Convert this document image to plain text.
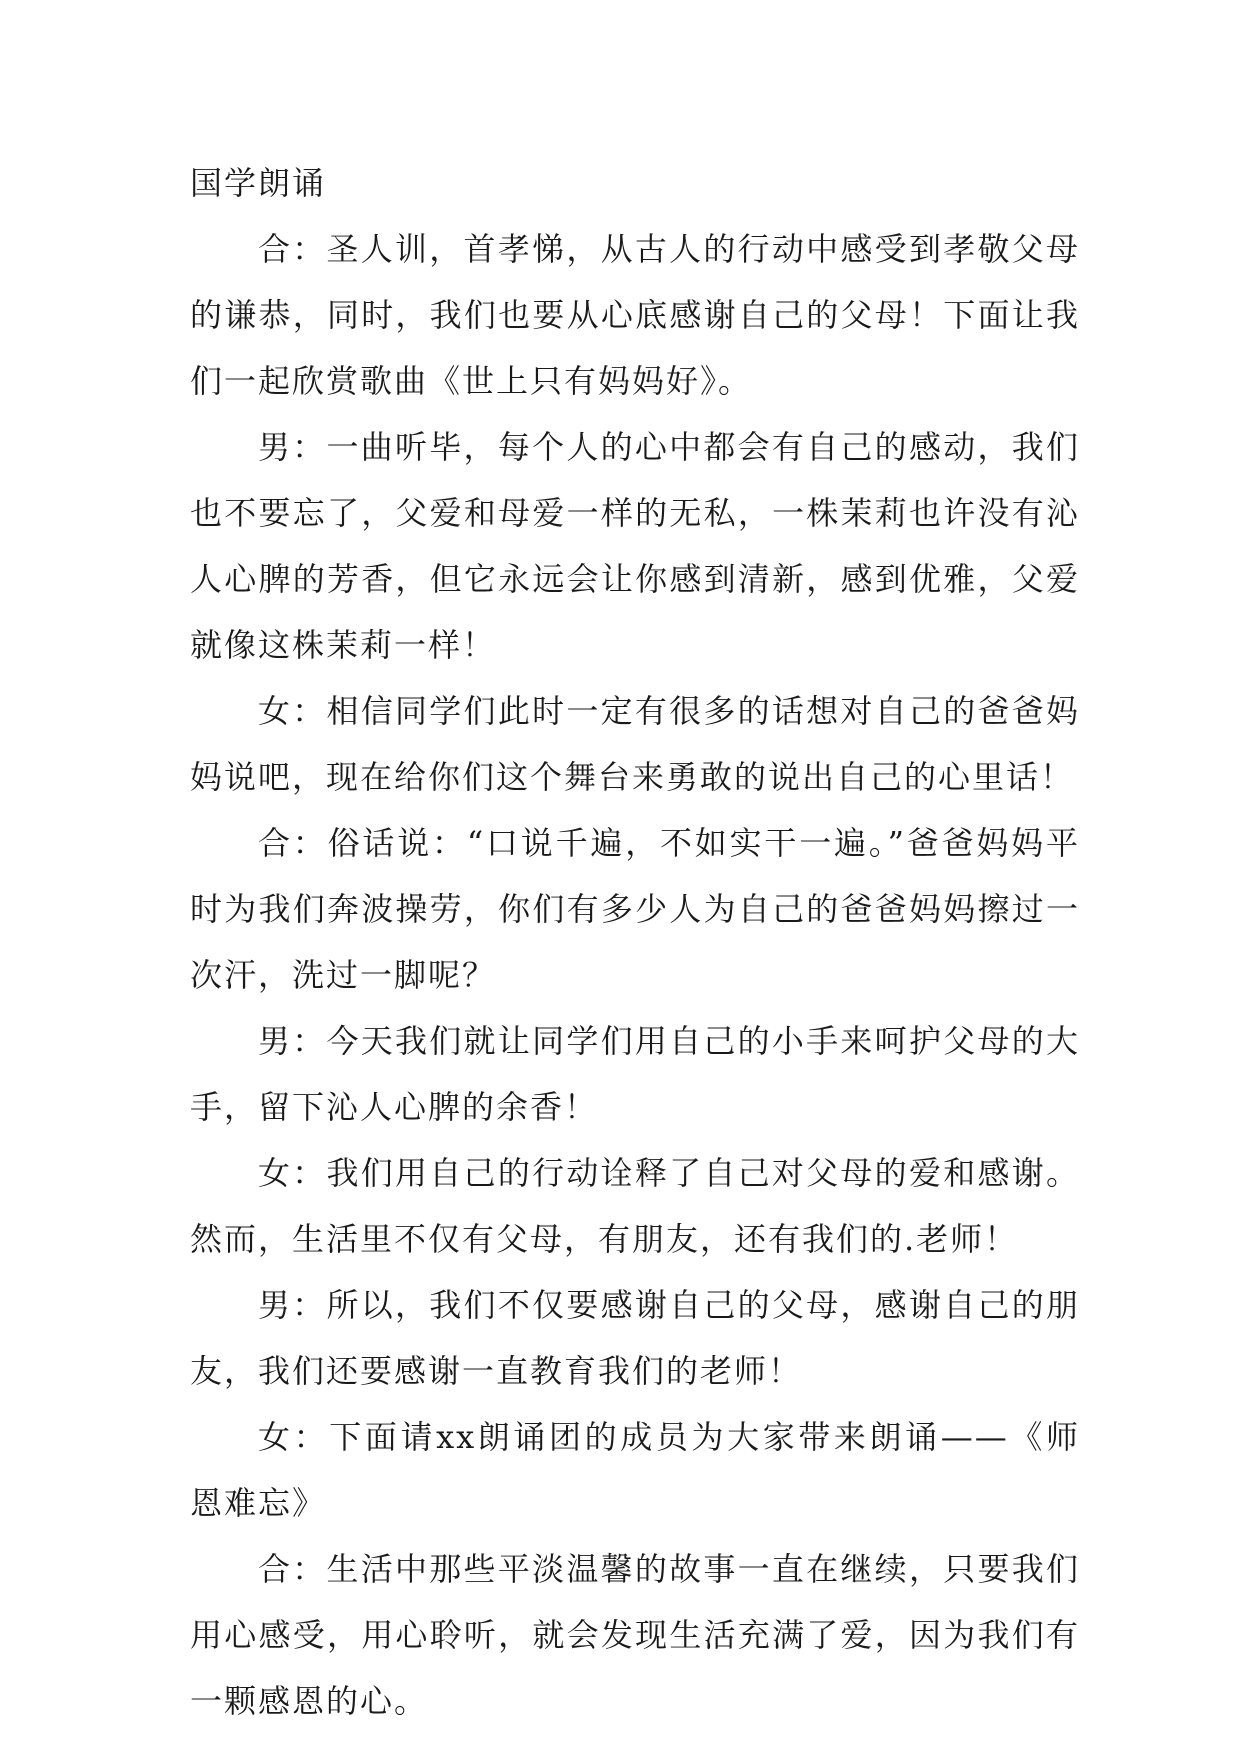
国学朗诵

合：圣人训，首孝悌，从古人的行动中感受到孝敬父母的谦恭，同时，我们也要从心底感谢自己的父母！下面让我们一起欣赏歌曲《世上只有妈妈好》。

男：一曲听毕，每个人的心中都会有自己的感动，我们也不要忘了，父爱和母爱一样的无私，一株茉莉也许没有沁人心脾的芳香，但它永远会让你感到清新，感到优雅，父爱就像这株茉莉一样！

女：相信同学们此时一定有很多的话想对自己的爸爸妈妈说吧，现在给你们这个舞台来勇敢的说出自己的心里话！

合：俗话说：“口说千遍，不如实干一遍。”爸爸妈妈平时为我们奔波操劳，你们有多少人为自己的爸爸妈妈擦过一次汗，洗过一脚呢？

男：今天我们就让同学们用自己的小手来呵护父母的大手，留下沁人心脾的余香！

女：我们用自己的行动诠释了自己对父母的爱和感谢。然而，生活里不仅有父母，有朋友，还有我们的.老师！

男：所以，我们不仅要感谢自己的父母，感谢自己的朋友，我们还要感谢一直教育我们的老师！

女：下面请xx朗诵团的成员为大家带来朗诵——《师恩难忘》

合：生活中那些平淡温馨的故事一直在继续，只要我们用心感受，用心聆听，就会发现生活充满了爱，因为我们有一颗感恩的心。
